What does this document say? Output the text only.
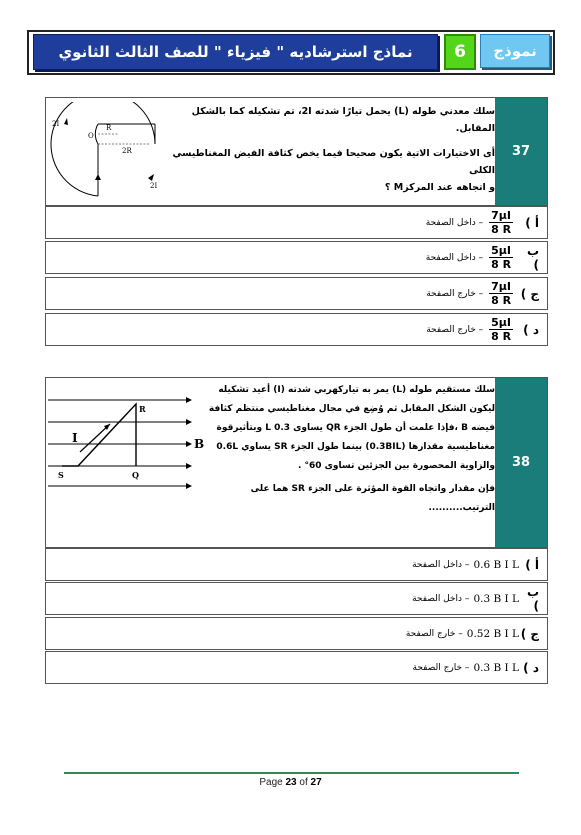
نماذج استرشاديه " فيزياء " للصف الثالث الثانوي	6	نموذج
37
سلك معدني طوله (L) يحمل تيارًا شدته 2I، تم تشكيله كما بالشكل المقابل.
أى الاختيارات الاتية يكون صحيحا فيما يخص كثافة الفيض المغناطيسي الكلى
و اتجاهه عند المركزM ؟
2I
2I
O
R
2R
أ )
$\frac{7\mu I}{8 R}$
– داخل الصفحة
ب )
$\frac{5\mu I}{8 R}$
– داخل الصفحة
ج )
$\frac{7\mu I}{8 R}$
– خارج الصفحة
د )
$\frac{5\mu I}{8 R}$
– خارج الصفحة
38
سلك مستقيم طوله (L) يمر به تياركهربي شدته (I) أعيد تشكيله
ليكون الشكل المقابل ثم وُضِع في مجال مغناطيسي منتظم كثافة
فيضه B ،فإذا علمت أن طول الجزء QR يساوى 0.3 L وبتأثيرقوة
مغناطيسية مقدارها (0.3BIL) بينما طول الجزء SR يساوي 0.6L
والزاوية المحصورة بين الجزئين تساوى 60° .
فإن مقدار واتجاه القوة المؤثرة على الجزء SR هما على
الترتيب..........
I	B
R
S	Q
أ )
0.6 B I L
– داخل الصفحة
ب )
0.3 B I L
– داخل الصفحة
ج )
0.52 B I L
– خارج الصفحة
د )
0.3 B I L
– خارج الصفحة
Page 23 of 27
